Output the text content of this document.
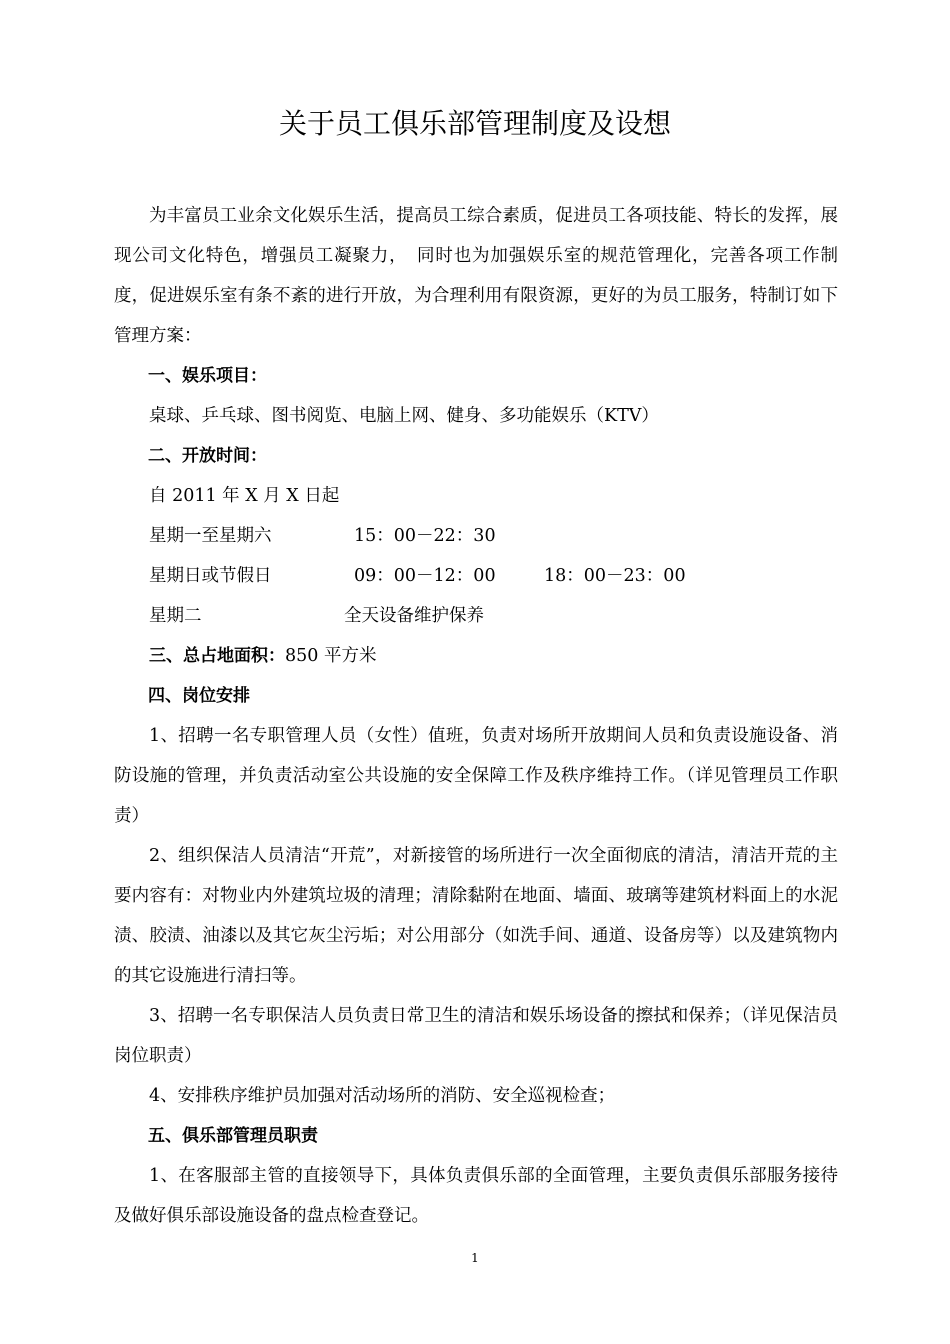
关于员工俱乐部管理制度及设想

为丰富员工业余文化娱乐生活，提高员工综合素质，促进员工各项技能、特长的发挥，展现公司文化特色，增强员工凝聚力，　同时也为加强娱乐室的规范管理化，完善各项工作制度，促进娱乐室有条不紊的进行开放，为合理利用有限资源，更好的为员工服务，特制订如下管理方案：

一、娱乐项目：

桌球、乒乓球、图书阅览、电脑上网、健身、多功能娱乐（KTV）

二、开放时间：

自 2011 年 X 月 X 日起

星期一至星期六	15：00－22：30
星期日或节假日	09：00－12：00	18：00－23：00
星期二	全天设备维护保养

三、总占地面积：850 平方米

四、岗位安排

1、招聘一名专职管理人员（女性）值班，负责对场所开放期间人员和负责设施设备、消防设施的管理，并负责活动室公共设施的安全保障工作及秩序维持工作。（详见管理员工作职责）

2、组织保洁人员清洁“开荒”，对新接管的场所进行一次全面彻底的清洁，清洁开荒的主要内容有：对物业内外建筑垃圾的清理；清除黏附在地面、墙面、玻璃等建筑材料面上的水泥渍、胶渍、油漆以及其它灰尘污垢；对公用部分（如洗手间、通道、设备房等）以及建筑物内的其它设施进行清扫等。

3、招聘一名专职保洁人员负责日常卫生的清洁和娱乐场设备的擦拭和保养；（详见保洁员岗位职责）

4、安排秩序维护员加强对活动场所的消防、安全巡视检查；

五、俱乐部管理员职责

1、在客服部主管的直接领导下，具体负责俱乐部的全面管理，主要负责俱乐部服务接待及做好俱乐部设施设备的盘点检查登记。

1
